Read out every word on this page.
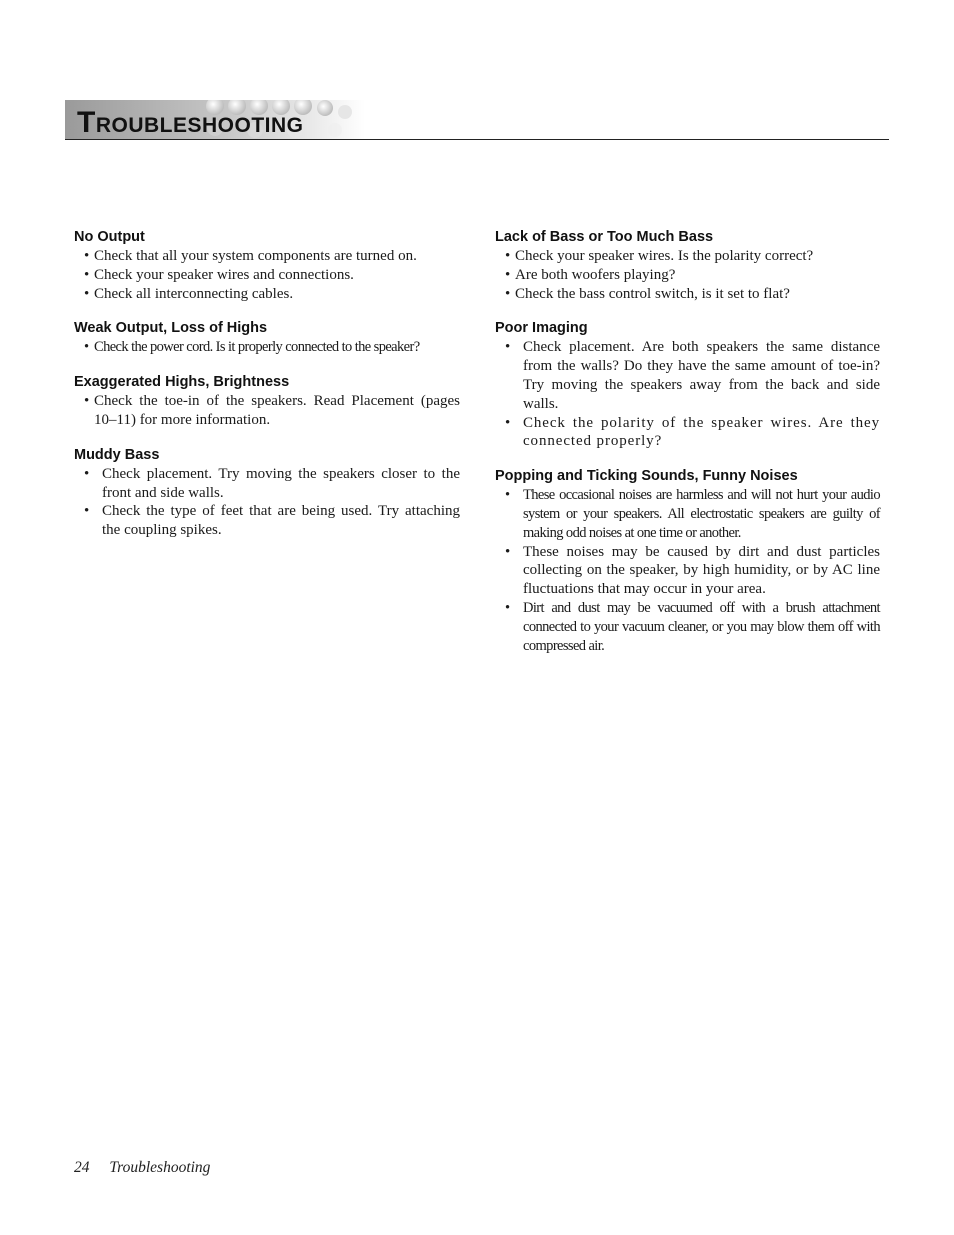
Troubleshooting
No Output
• Check that all your system components are turned on.
• Check your speaker wires and connections.
• Check all interconnecting cables.
Weak Output, Loss of Highs
• Check the power cord. Is it properly connected to the speaker?
Exaggerated Highs, Brightness
• Check the toe-in of the speakers. Read Placement (pages 10–11) for more information.
Muddy Bass
• Check placement. Try moving the speakers closer to the front and side walls.
• Check the type of feet that are being used. Try attaching the coupling spikes.
Lack of Bass or Too Much Bass
• Check your speaker wires. Is the polarity correct?
• Are both woofers playing?
• Check the bass control switch, is it set to flat?
Poor Imaging
• Check placement. Are both speakers the same distance from the walls? Do they have the same amount of toe-in? Try moving the speakers away from the back and side walls.
• Check the polarity of the speaker wires. Are they connected properly?
Popping and Ticking Sounds, Funny Noises
• These occasional noises are harmless and will not hurt your audio system or your speakers. All electrostatic speakers are guilty of making odd noises at one time or another.
• These noises may be caused by dirt and dust particles collecting on the speaker, by high humidity, or by AC line fluctuations that may occur in your area.
• Dirt and dust may be vacuumed off with a brush attachment connected to your vacuum cleaner, or you may blow them off with compressed air.
24 Troubleshooting
